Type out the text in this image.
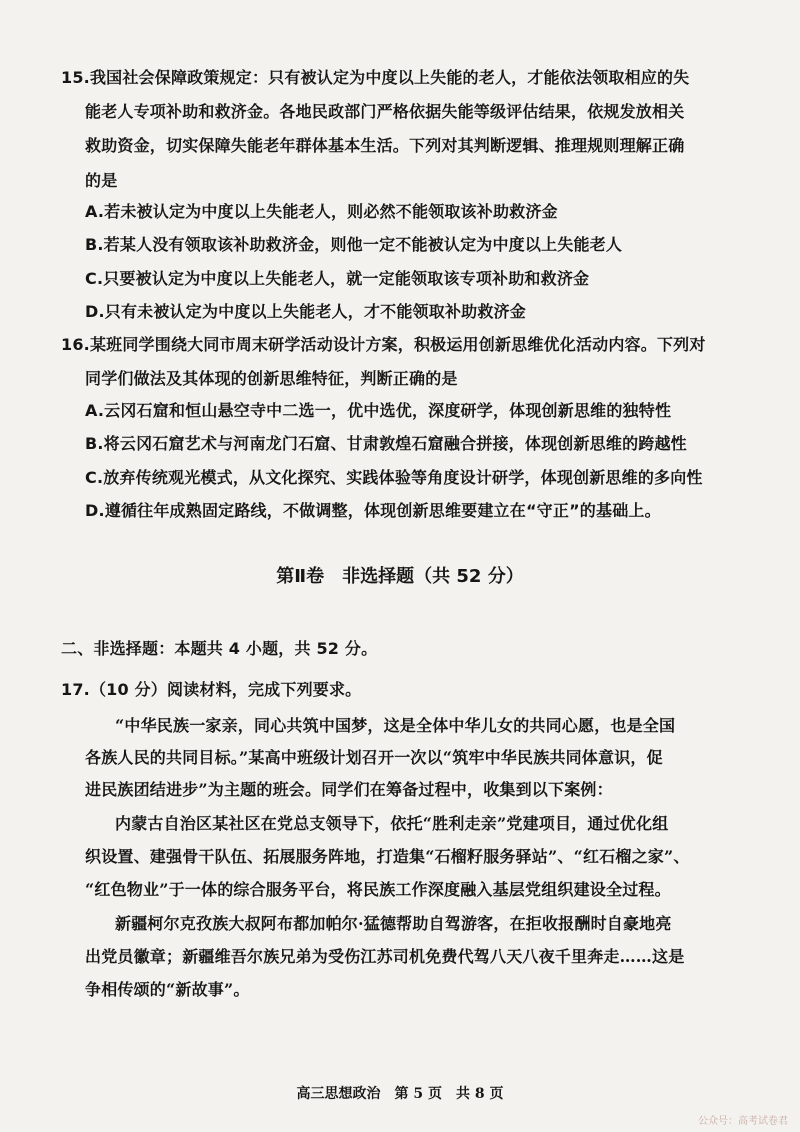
15.我国社会保障政策规定：只有被认定为中度以上失能的老人，才能依法领取相应的失
能老人专项补助和救济金。各地民政部门严格依据失能等级评估结果，依规发放相关
救助资金，切实保障失能老年群体基本生活。下列对其判断逻辑、推理规则理解正确
的是
A.若未被认定为中度以上失能老人，则必然不能领取该补助救济金
B.若某人没有领取该补助救济金，则他一定不能被认定为中度以上失能老人
C.只要被认定为中度以上失能老人，就一定能领取该专项补助和救济金
D.只有未被认定为中度以上失能老人，才不能领取补助救济金
16.某班同学围绕大同市周末研学活动设计方案，积极运用创新思维优化活动内容。下列对
同学们做法及其体现的创新思维特征，判断正确的是
A.云冈石窟和恒山悬空寺中二选一，优中选优，深度研学，体现创新思维的独特性
B.将云冈石窟艺术与河南龙门石窟、甘肃敦煌石窟融合拼接，体现创新思维的跨越性
C.放弃传统观光模式，从文化探究、实践体验等角度设计研学，体现创新思维的多向性
D.遵循往年成熟固定路线，不做调整，体现创新思维要建立在“守正”的基础上。
第Ⅱ卷　非选择题（共 52 分）
二、非选择题：本题共 4 小题，共 52 分。
17.（10 分）阅读材料，完成下列要求。
“中华民族一家亲，同心共筑中国梦，这是全体中华儿女的共同心愿，也是全国
各族人民的共同目标。”某高中班级计划召开一次以“筑牢中华民族共同体意识，促
进民族团结进步”为主题的班会。同学们在筹备过程中，收集到以下案例：
内蒙古自治区某社区在党总支领导下，依托“胜利走亲”党建项目，通过优化组
织设置、建强骨干队伍、拓展服务阵地，打造集“石榴籽服务驿站”、“红石榴之家”、
“红色物业”于一体的综合服务平台，将民族工作深度融入基层党组织建设全过程。
新疆柯尔克孜族大叔阿布都加帕尔·猛德帮助自驾游客，在拒收报酬时自豪地亮
出党员徽章；新疆维吾尔族兄弟为受伤江苏司机免费代驾八天八夜千里奔走……这是
争相传颂的“新故事”。
高三思想政治　第 5 页　共 8 页
公众号：高考试卷君
